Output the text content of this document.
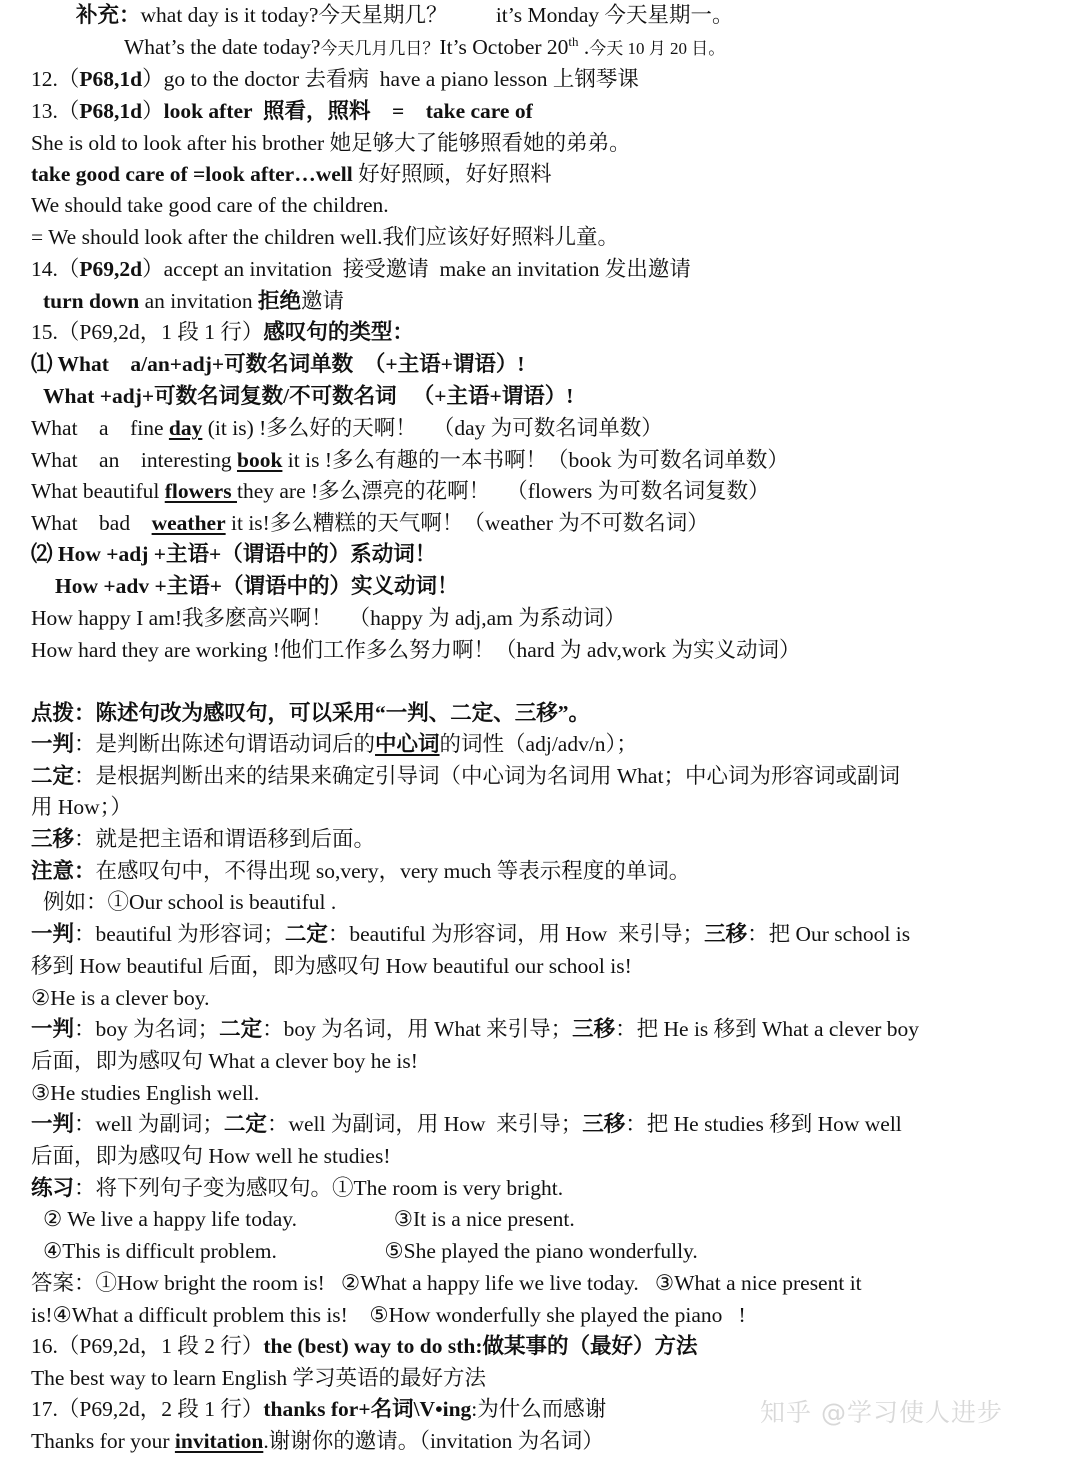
补充：what day is it today?今天星期几？         it’s Monday 今天星期一。
What’s the date today?今天几月几日？It’s October 20th .今天 10 月 20 日。
12.（P68,1d）go to the doctor 去看病  have a piano lesson 上钢琴课
13.（P68,1d）look after  照看，照料    =    take care of
She is old to look after his brother 她足够大了能够照看她的弟弟。
take good care of =look after…well 好好照顾，好好照料
We should take good care of the children.
= We should look after the children well.我们应该好好照料儿童。
14.（P69,2d）accept an invitation  接受邀请  make an invitation 发出邀请
turn down an invitation 拒绝邀请
15.（P69,2d，1 段 1 行）感叹句的类型：
⑴ What    a/an+adj+可数名词单数  （+主语+谓语）!
What +adj+可数名词复数/不可数名词   （+主语+谓语）!
What    a    fine day (it is) !多么好的天啊！   （day 为可数名词单数）
What    an    interesting book it is !多么有趣的一本书啊！（book 为可数名词单数）
What beautiful flowers they are !多么漂亮的花啊！   （flowers 为可数名词复数）
What    bad    weather it is!多么糟糕的天气啊！（weather 为不可数名词）
⑵ How +adj +主语+（谓语中的）系动词！
How +adv +主语+（谓语中的）实义动词！
How happy I am!我多麽高兴啊！   （happy 为 adj,am 为系动词）
How hard they are working !他们工作多么努力啊！（hard 为 adv,work 为实义动词）
点拨：陈述句改为感叹句，可以采用“一判、二定、三移”。
一判：是判断出陈述句谓语动词后的中心词的词性（adj/adv/n）；
二定：是根据判断出来的结果来确定引导词（中心词为名词用 What；中心词为形容词或副词
用 How；）
三移：就是把主语和谓语移到后面。
注意：在感叹句中，不得出现 so,very，very much 等表示程度的单词。
例如：①Our school is beautiful .
一判：beautiful 为形容词；二定：beautiful 为形容词，用 How  来引导；三移：把 Our school is
移到 How beautiful 后面，即为感叹句 How beautiful our school is!
②He is a clever boy.
一判：boy 为名词；二定：boy 为名词，用 What 来引导；三移：把 He is 移到 What a clever boy
后面，即为感叹句 What a clever boy he is!
③He studies English well.
一判：well 为副词；二定：well 为副词，用 How  来引导；三移：把 He studies 移到 How well
后面，即为感叹句 How well he studies!
练习：将下列句子变为感叹句。①The room is very bright.
② We live a happy life today.                  ③It is a nice present.
④This is difficult problem.                    ⑤She played the piano wonderfully.
答案：①How bright the room is!   ②What a happy life we live today.   ③What a nice present it
is!④What a difficult problem this is!    ⑤How wonderfully she played the piano   !
16.（P69,2d，1 段 2 行）the (best) way to do sth:做某事的（最好）方法
The best way to learn English 学习英语的最好方法
17.（P69,2d，2 段 1 行）thanks for+名词\V•ing:为什么而感谢
Thanks for your invitation.谢谢你的邀请。（invitation 为名词）
知乎 @学习使人进步
